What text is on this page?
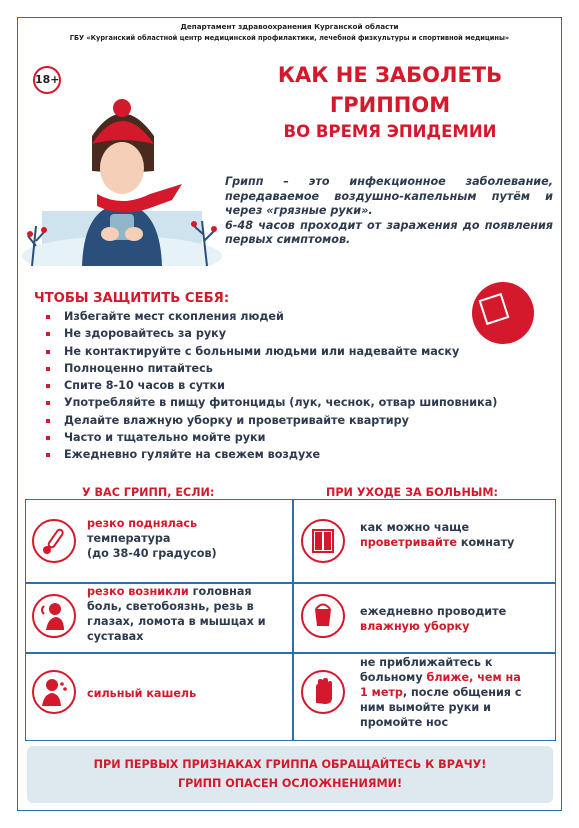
Департамент здравоохранения Курганской области
ГБУ «Курганский областной центр медицинской профилактики, лечебной физкультуры и спортивной медицины»
18+	КАК НЕ ЗАБОЛЕТЬ
ГРИППОМ
ВО ВРЕМЯ ЭПИДЕМИИ
Грипп – это инфекционное заболевание, передаваемое воздушно-капельным путём и через «грязные руки».
6-48 часов проходит от заражения до появления первых симптомов.
ЧТОБЫ ЗАЩИТИТЬ СЕБЯ:
Избегайте мест скопления людей
Не здоровайтесь за руку
Не контактируйте с больными людьми или надевайте маску
Полноценно питайтесь
Спите 8-10 часов в сутки
Употребляйте в пищу фитонциды (лук, чеснок, отвар шиповника)
Делайте влажную уборку и проветривайте квартиру
Часто и тщательно мойте руки
Ежедневно гуляйте на свежем воздухе
У ВАС ГРИПП, ЕСЛИ:	ПРИ УХОДЕ ЗА БОЛЬНЫМ:
резко поднялась
температура
(до 38-40 градусов)
резко возникли головная
боль, светобоязнь, резь в
глазах, ломота в мышцах и
суставах
сильный кашель
как можно чаще
проветривайте комнату
ежедневно проводите
влажную уборку
не приближайтесь к
больному ближе, чем на
1 метр, после общения с
ним вымойте руки и
промойте нос
ПРИ ПЕРВЫХ ПРИЗНАКАХ ГРИППА ОБРАЩАЙТЕСЬ К ВРАЧУ!
ГРИПП ОПАСЕН ОСЛОЖНЕНИЯМИ!
